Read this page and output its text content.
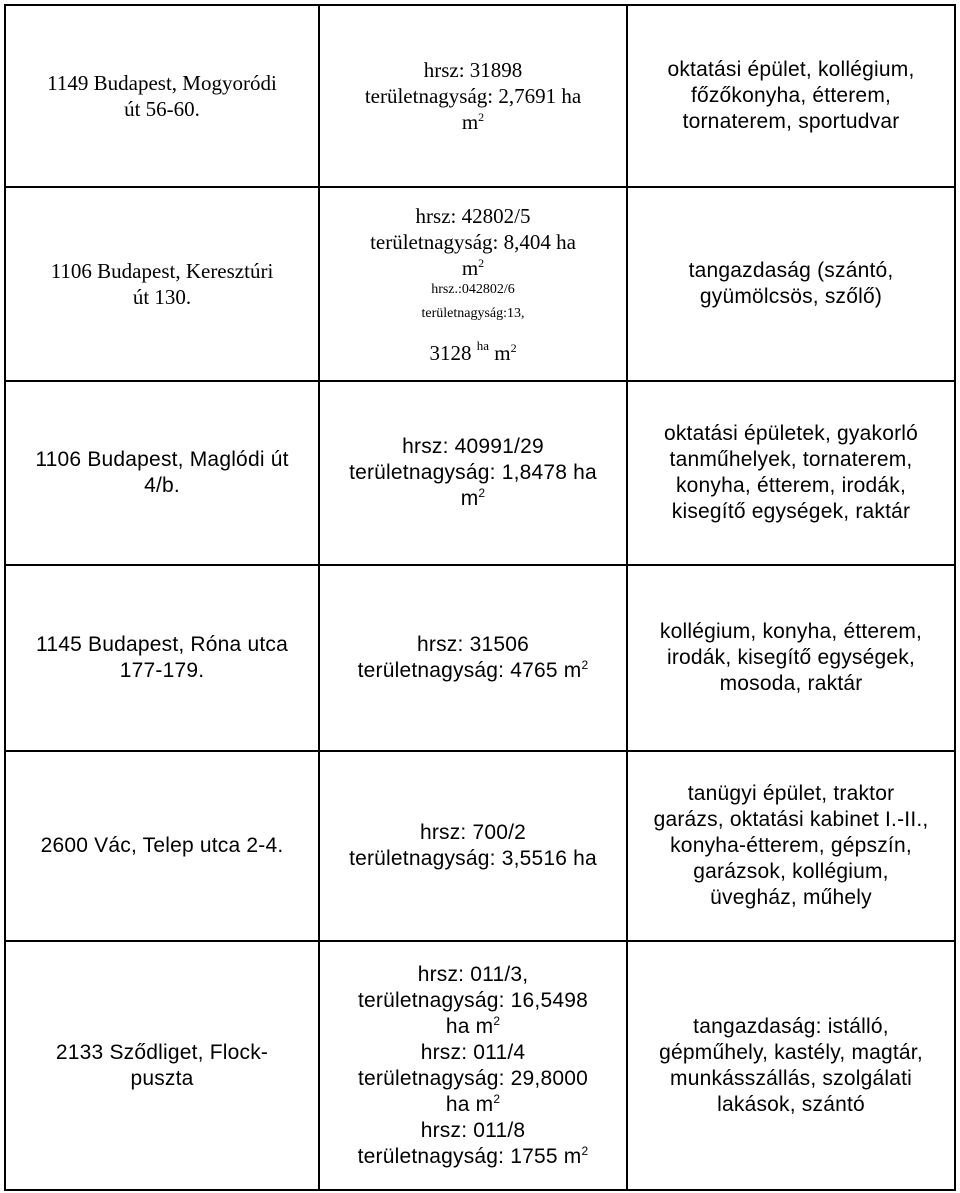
1149 Budapest, Mogyoródi
út 56-60.
hrsz: 31898
területnagyság: 2,7691 ha
$m^2$
oktatási épület, kollégium,
főzőkonyha, étterem,
tornaterem, sportudvar
1106 Budapest, Keresztúri
út 130.
hrsz: 42802/5
területnagyság: 8,404 ha
$m^2$
hrsz.:042802/6
területnagyság:13,
3128 $^{ha}$ $m^2$
tangazdaság (szántó,
gyümölcsös, szőlő)
1106 Budapest, Maglódi út
4/b.
hrsz: 40991/29
területnagyság: 1,8478 ha
$m^2$
oktatási épületek, gyakorló
tanműhelyek, tornaterem,
konyha, étterem, irodák,
kisegítő egységek, raktár
1145 Budapest, Róna utca
177-179.
hrsz: 31506
területnagyság: 4765 $m^2$
kollégium, konyha, étterem,
irodák, kisegítő egységek,
mosoda, raktár
2600 Vác, Telep utca 2-4.
hrsz: 700/2
területnagyság: 3,5516 ha
tanügyi épület, traktor
garázs, oktatási kabinet I.-II.,
konyha-étterem, gépszín,
garázsok, kollégium,
üvegház, műhely
2133 Sződliget, Flock-
puszta
hrsz: 011/3,
területnagyság: 16,5498
ha $m^2$
hrsz: 011/4
területnagyság: 29,8000
ha $m^2$
hrsz: 011/8
területnagyság: 1755 $m^2$
tangazdaság: istálló,
gépműhely, kastély, magtár,
munkásszállás, szolgálati
lakások, szántó
